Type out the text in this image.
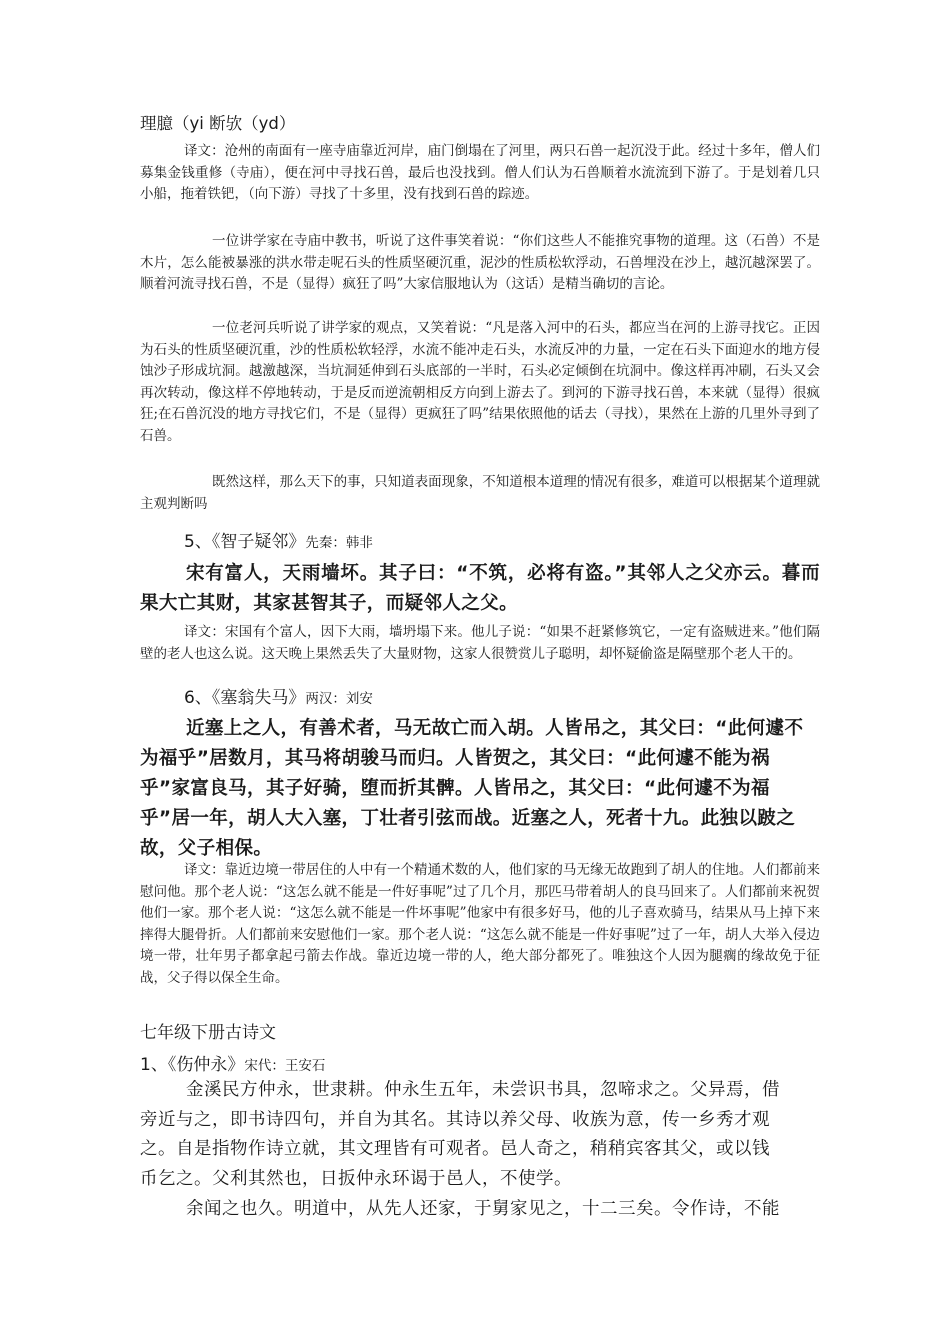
理臆（yi 断欤（yd）

译文：沧州的南面有一座寺庙靠近河岸，庙门倒塌在了河里，两只石兽一起沉没于此。经过十多年，僧人们募集金钱重修（寺庙），便在河中寻找石兽，最后也没找到。僧人们认为石兽顺着水流流到下游了。于是划着几只小船，拖着铁钯，（向下游）寻找了十多里，没有找到石兽的踪迹。

一位讲学家在寺庙中教书，听说了这件事笑着说：“你们这些人不能推究事物的道理。这（石兽）不是木片，怎么能被暴涨的洪水带走呢石头的性质坚硬沉重，泥沙的性质松软浮动，石兽埋没在沙上，越沉越深罢了。顺着河流寻找石兽，不是（显得）疯狂了吗”大家信服地认为（这话）是精当确切的言论。

一位老河兵听说了讲学家的观点，又笑着说：“凡是落入河中的石头，都应当在河的上游寻找它。正因为石头的性质坚硬沉重，沙的性质松软轻浮，水流不能冲走石头，水流反冲的力量，一定在石头下面迎水的地方侵蚀沙子形成坑洞。越激越深，当坑洞延伸到石头底部的一半时，石头必定倾倒在坑洞中。像这样再冲刷，石头又会再次转动，像这样不停地转动，于是反而逆流朝相反方向到上游去了。到河的下游寻找石兽，本来就（显得）很疯狂;在石兽沉没的地方寻找它们，不是（显得）更疯狂了吗”结果依照他的话去（寻找），果然在上游的几里外寻到了石兽。

既然这样，那么天下的事，只知道表面现象，不知道根本道理的情况有很多，难道可以根据某个道理就主观判断吗

5、《智子疑邻》先秦：韩非

宋有富人，天雨墙坏。其子曰：“不筑，必将有盗。”其邻人之父亦云。暮而果大亡其财，其家甚智其子，而疑邻人之父。

译文：宋国有个富人，因下大雨，墙坍塌下来。他儿子说：“如果不赶紧修筑它，一定有盗贼进来。”他们隔壁的老人也这么说。这天晚上果然丢失了大量财物，这家人很赞赏儿子聪明，却怀疑偷盗是隔壁那个老人干的。

6、《塞翁失马》两汉：刘安
近塞上之人，有善术者，马无故亡而入胡。人皆吊之，其父曰：“此何遽不
为福乎”居数月，其马将胡骏马而归。人皆贺之，其父曰：“此何遽不能为祸
乎”家富良马，其子好骑，堕而折其髀。人皆吊之，其父曰：“此何遽不为福
乎”居一年，胡人大入塞，丁壮者引弦而战。近塞之人，死者十九。此独以跛之
故，父子相保。

译文：靠近边境一带居住的人中有一个精通术数的人，他们家的马无缘无故跑到了胡人的住地。人们都前来慰问他。那个老人说：“这怎么就不能是一件好事呢”过了几个月，那匹马带着胡人的良马回来了。人们都前来祝贺他们一家。那个老人说：“这怎么就不能是一件坏事呢”他家中有很多好马，他的儿子喜欢骑马，结果从马上掉下来摔得大腿骨折。人们都前来安慰他们一家。那个老人说：“这怎么就不能是一件好事呢”过了一年，胡人大举入侵边境一带，壮年男子都拿起弓箭去作战。靠近边境一带的人，绝大部分都死了。唯独这个人因为腿瘸的缘故免于征战，父子得以保全生命。

七年级下册古诗文
1、《伤仲永》宋代：王安石
金溪民方仲永，世隶耕。仲永生五年，未尝识书具，忽啼求之。父异焉，借
旁近与之，即书诗四句，并自为其名。其诗以养父母、收族为意，传一乡秀才观
之。自是指物作诗立就，其文理皆有可观者。邑人奇之，稍稍宾客其父，或以钱
币乞之。父利其然也，日扳仲永环谒于邑人，不使学。
余闻之也久。明道中，从先人还家，于舅家见之，十二三矣。令作诗，不能
